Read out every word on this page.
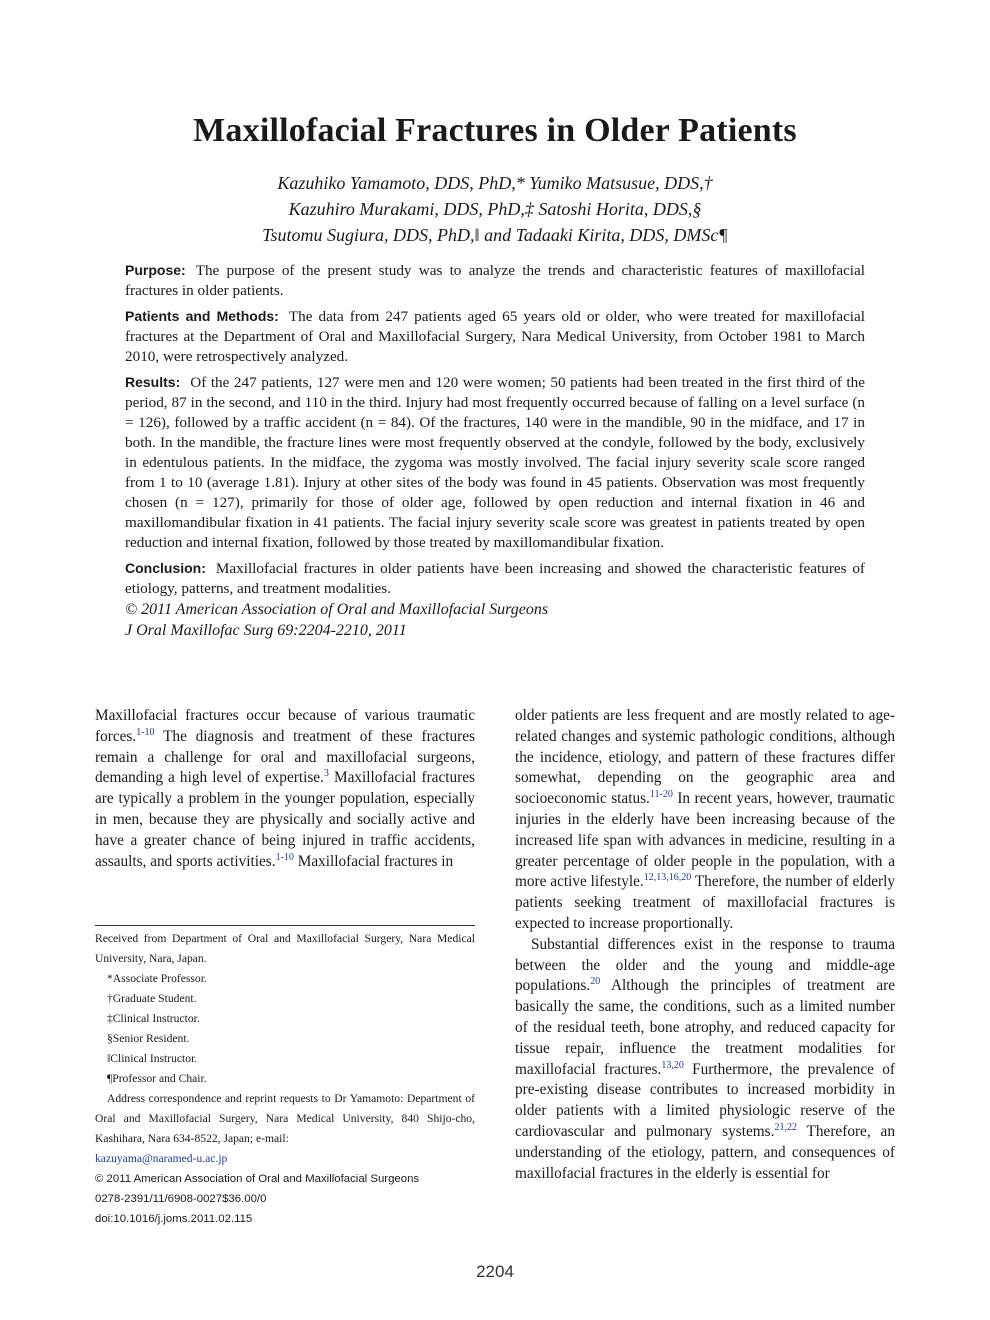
Maxillofacial Fractures in Older Patients
Kazuhiko Yamamoto, DDS, PhD,* Yumiko Matsusue, DDS,†
Kazuhiro Murakami, DDS, PhD,‡ Satoshi Horita, DDS,§
Tsutomu Sugiura, DDS, PhD,‖ and Tadaaki Kirita, DDS, DMSc¶

Purpose: The purpose of the present study was to analyze the trends and characteristic features of maxillofacial fractures in older patients.

Patients and Methods: The data from 247 patients aged 65 years old or older, who were treated for maxillofacial fractures at the Department of Oral and Maxillofacial Surgery, Nara Medical University, from October 1981 to March 2010, were retrospectively analyzed.

Results: Of the 247 patients, 127 were men and 120 were women; 50 patients had been treated in the first third of the period, 87 in the second, and 110 in the third. Injury had most frequently occurred because of falling on a level surface (n = 126), followed by a traffic accident (n = 84). Of the fractures, 140 were in the mandible, 90 in the midface, and 17 in both. In the mandible, the fracture lines were most frequently observed at the condyle, followed by the body, exclusively in edentulous patients. In the midface, the zygoma was mostly involved. The facial injury severity scale score ranged from 1 to 10 (average 1.81). Injury at other sites of the body was found in 45 patients. Observation was most frequently chosen (n = 127), primarily for those of older age, followed by open reduction and internal fixation in 46 and maxillomandibular fixation in 41 patients. The facial injury severity scale score was greatest in patients treated by open reduction and internal fixation, followed by those treated by maxillomandibular fixation.

Conclusion: Maxillofacial fractures in older patients have been increasing and showed the characteristic features of etiology, patterns, and treatment modalities.

© 2011 American Association of Oral and Maxillofacial Surgeons
J Oral Maxillofac Surg 69:2204-2210, 2011

Maxillofacial fractures occur because of various traumatic forces.$^{1-10}$ The diagnosis and treatment of these fractures remain a challenge for oral and maxillofacial surgeons, demanding a high level of expertise.$^3$ Maxillofacial fractures are typically a problem in the younger population, especially in men, because they are physically and socially active and have a greater chance of being injured in traffic accidents, assaults, and sports activities.$^{1-10}$ Maxillofacial fractures in

Received from Department of Oral and Maxillofacial Surgery, Nara Medical University, Nara, Japan.

*Associate Professor.

†Graduate Student.

‡Clinical Instructor.

§Senior Resident.

‖Clinical Instructor.

¶Professor and Chair.

Address correspondence and reprint requests to Dr Yamamoto: Department of Oral and Maxillofacial Surgery, Nara Medical University, 840 Shijo-cho, Kashihara, Nara 634-8522, Japan; e-mail:

kazuyama@naramed-u.ac.jp

© 2011 American Association of Oral and Maxillofacial Surgeons

0278-2391/11/6908-0027$36.00/0

doi:10.1016/j.joms.2011.02.115

older patients are less frequent and are mostly related to age-related changes and systemic pathologic conditions, although the incidence, etiology, and pattern of these fractures differ somewhat, depending on the geographic area and socioeconomic status.$^{11-20}$ In recent years, however, traumatic injuries in the elderly have been increasing because of the increased life span with advances in medicine, resulting in a greater percentage of older people in the population, with a more active lifestyle.$^{12,13,16,20}$ Therefore, the number of elderly patients seeking treatment of maxillofacial fractures is expected to increase proportionally.

Substantial differences exist in the response to trauma between the older and the young and middle-age populations.$^{20}$ Although the principles of treatment are basically the same, the conditions, such as a limited number of the residual teeth, bone atrophy, and reduced capacity for tissue repair, influence the treatment modalities for maxillofacial fractures.$^{13,20}$ Furthermore, the prevalence of pre-existing disease contributes to increased morbidity in older patients with a limited physiologic reserve of the cardiovascular and pulmonary systems.$^{21,22}$ Therefore, an understanding of the etiology, pattern, and consequences of maxillofacial fractures in the elderly is essential for

2204
